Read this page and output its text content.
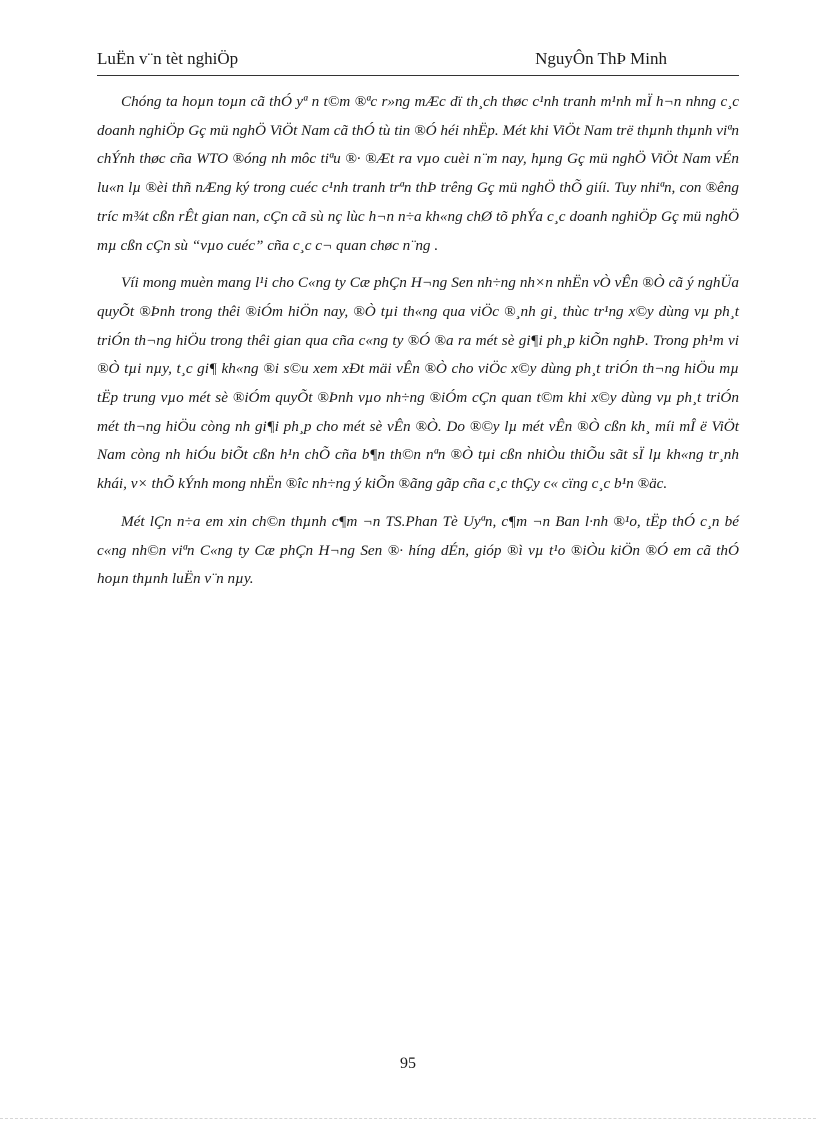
LuËn v¨n tèt nghiÖp	NguyÔn ThÞ Minh

Chóng ta hoµn toµn cã thÓ yª n t©m ®ªc r»ng mÆc dï th¸ch thøc c¹nh tranh m¹nh mÏ h¬n nhng c¸c doanh nghiÖp Gç mü nghÖ ViÖt Nam cã thÓ tù tin ®Ó héi nhËp. Mét khi ViÖt Nam trë thµnh thµnh viªn chÝnh thøc cña WTO ®óng nh môc tiªu ®· ®Æt ra vµo cuèi n¨m nay, hµng Gç mü nghÖ ViÖt Nam vÉn lu«n lµ ®èi thñ nÆng ký trong cuéc c¹nh tranh trªn thÞ trêng Gç mü nghÖ thÕ giíi. Tuy nhiªn, con ®êng tríc m¾t cßn rÊt gian nan, cÇn cã sù nç lùc h¬n n÷a kh«ng chØ tõ phÝa c¸c doanh nghiÖp Gç mü nghÖ mµ cßn cÇn sù “vµo cuéc” cña c¸c c¬ quan chøc n¨ng .

Víi mong muèn mang l¹i cho C«ng ty Cæ phÇn H¬ng Sen nh÷ng nh×n nhËn vÒ vÊn ®Ò cã ý nghÜa quyÕt ®Þnh trong thêi ®iÓm hiÖn nay, ®Ò tµi th«ng qua viÖc ®¸nh gi¸ thùc tr¹ng x©y dùng vµ ph¸t triÓn th¬ng hiÖu trong thêi gian qua cña c«ng ty ®Ó ®a ra mét sè gi¶i ph¸p kiÕn nghÞ. Trong ph¹m vi ®Ò tµi nµy, t¸c gi¶ kh«ng ®i s©u xem xÐt mäi vÊn ®Ò cho viÖc x©y dùng ph¸t triÓn th¬ng hiÖu mµ tËp trung vµo mét sè ®iÓm quyÕt ®Þnh vµo nh÷ng ®iÓm cÇn quan t©m khi x©y dùng vµ ph¸t triÓn mét th¬ng hiÖu còng nh gi¶i ph¸p cho mét sè vÊn ®Ò. Do ®©y lµ mét vÊn ®Ò cßn kh¸ míi mÎ ë ViÖt Nam còng nh hiÓu biÕt cßn h¹n chÕ cña b¶n th©n nªn ®Ò tµi cßn nhiÒu thiÕu sãt sÏ lµ kh«ng tr¸nh khái, v× thÕ kÝnh mong nhËn ®îc nh÷ng ý kiÕn ®ãng gãp cña c¸c thÇy c« cïng c¸c b¹n ®äc.

Mét lÇn n÷a em xin ch©n thµnh c¶m ¬n TS.Phan Tè Uyªn, c¶m ¬n Ban l·nh ®¹o, tËp thÓ c¸n bé c«ng nh©n viªn C«ng ty Cæ phÇn H¬ng Sen ®· híng dÉn, gióp ®ì vµ t¹o ®iÒu kiÖn ®Ó em cã thÓ hoµn thµnh luËn v¨n nµy.

95
